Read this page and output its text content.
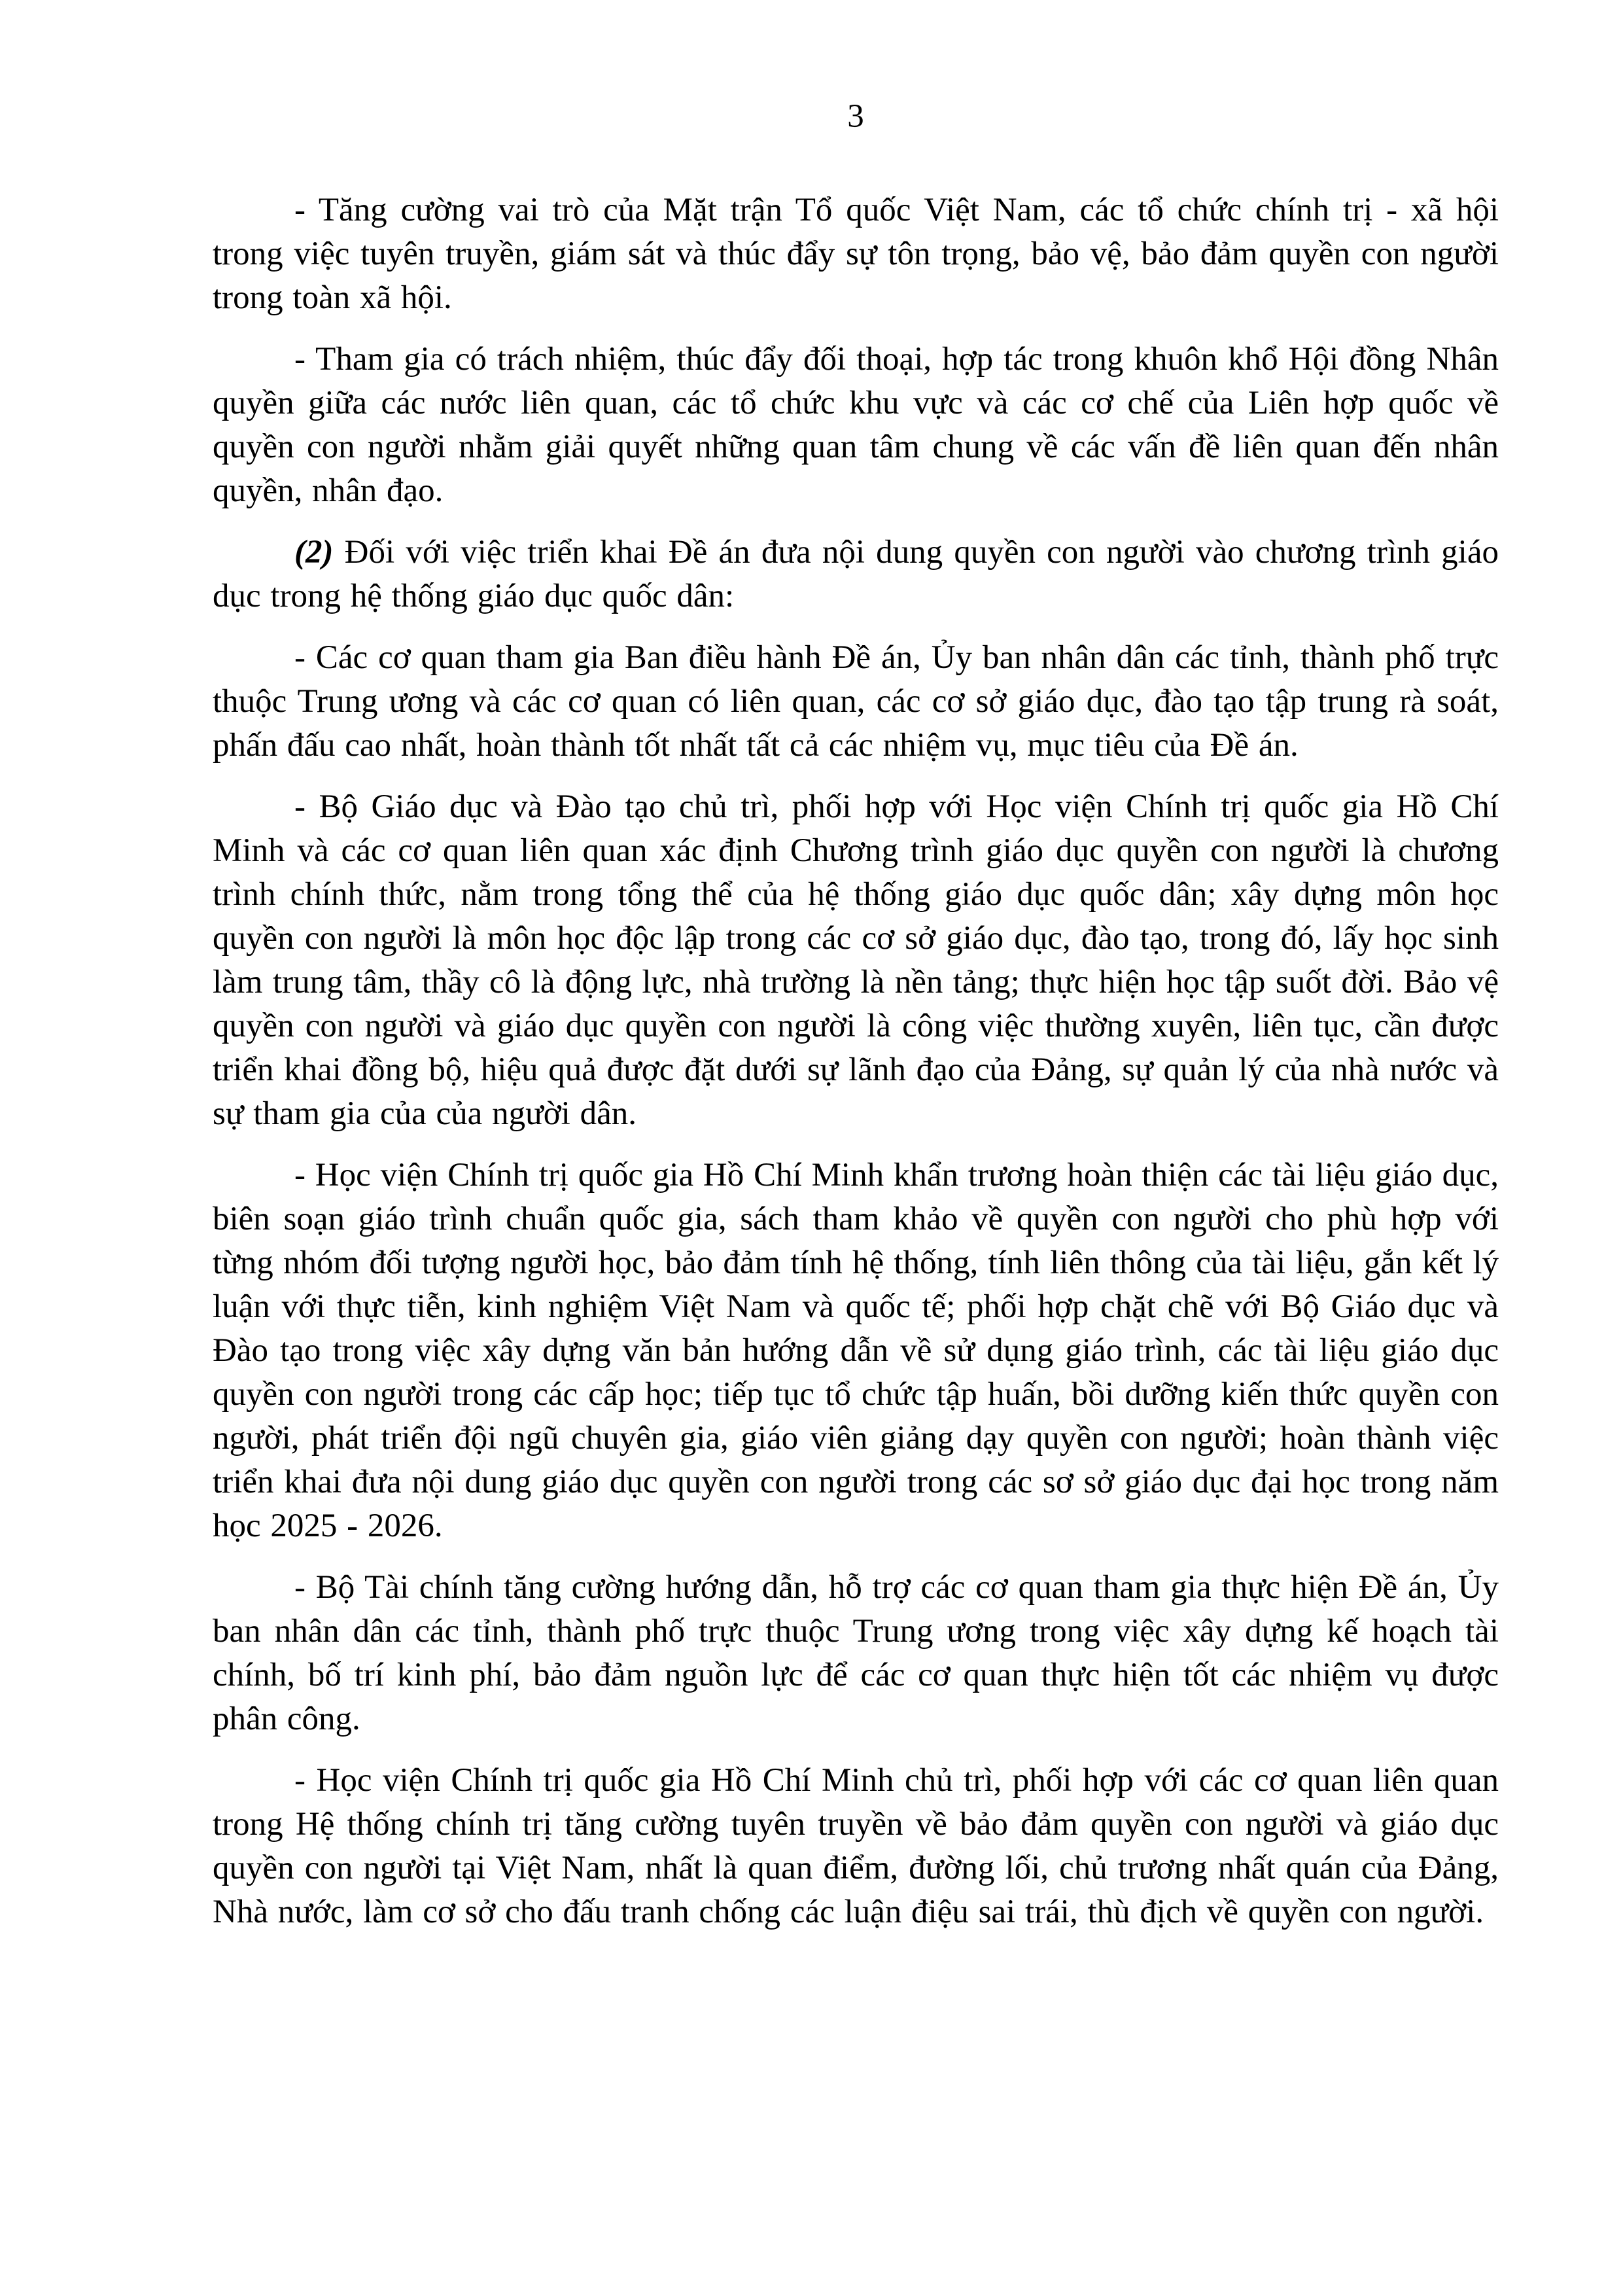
3

- Tăng cường vai trò của Mặt trận Tổ quốc Việt Nam, các tổ chức chính trị - xã hội trong việc tuyên truyền, giám sát và thúc đẩy sự tôn trọng, bảo vệ, bảo đảm quyền con người trong toàn xã hội.

- Tham gia có trách nhiệm, thúc đẩy đối thoại, hợp tác trong khuôn khổ Hội đồng Nhân quyền giữa các nước liên quan, các tổ chức khu vực và các cơ chế của Liên hợp quốc về quyền con người nhằm giải quyết những quan tâm chung về các vấn đề liên quan đến nhân quyền, nhân đạo.

(2) Đối với việc triển khai Đề án đưa nội dung quyền con người vào chương trình giáo dục trong hệ thống giáo dục quốc dân:

- Các cơ quan tham gia Ban điều hành Đề án, Ủy ban nhân dân các tỉnh, thành phố trực thuộc Trung ương và các cơ quan có liên quan, các cơ sở giáo dục, đào tạo tập trung rà soát, phấn đấu cao nhất, hoàn thành tốt nhất tất cả các nhiệm vụ, mục tiêu của Đề án.

- Bộ Giáo dục và Đào tạo chủ trì, phối hợp với Học viện Chính trị quốc gia Hồ Chí Minh và các cơ quan liên quan xác định Chương trình giáo dục quyền con người là chương trình chính thức, nằm trong tổng thể của hệ thống giáo dục quốc dân; xây dựng môn học quyền con người là môn học độc lập trong các cơ sở giáo dục, đào tạo, trong đó, lấy học sinh làm trung tâm, thầy cô là động lực, nhà trường là nền tảng; thực hiện học tập suốt đời. Bảo vệ quyền con người và giáo dục quyền con người là công việc thường xuyên, liên tục, cần được triển khai đồng bộ, hiệu quả được đặt dưới sự lãnh đạo của Đảng, sự quản lý của nhà nước và sự tham gia của của người dân.

- Học viện Chính trị quốc gia Hồ Chí Minh khẩn trương hoàn thiện các tài liệu giáo dục, biên soạn giáo trình chuẩn quốc gia, sách tham khảo về quyền con người cho phù hợp với từng nhóm đối tượng người học, bảo đảm tính hệ thống, tính liên thông của tài liệu, gắn kết lý luận với thực tiễn, kinh nghiệm Việt Nam và quốc tế; phối hợp chặt chẽ với Bộ Giáo dục và Đào tạo trong việc xây dựng văn bản hướng dẫn về sử dụng giáo trình, các tài liệu giáo dục quyền con người trong các cấp học; tiếp tục tổ chức tập huấn, bồi dưỡng kiến thức quyền con người, phát triển đội ngũ chuyên gia, giáo viên giảng dạy quyền con người; hoàn thành việc triển khai đưa nội dung giáo dục quyền con người trong các sơ sở giáo dục đại học trong năm học 2025 - 2026.

- Bộ Tài chính tăng cường hướng dẫn, hỗ trợ các cơ quan tham gia thực hiện Đề án, Ủy ban nhân dân các tỉnh, thành phố trực thuộc Trung ương trong việc xây dựng kế hoạch tài chính, bố trí kinh phí, bảo đảm nguồn lực để các cơ quan thực hiện tốt các nhiệm vụ được phân công.

- Học viện Chính trị quốc gia Hồ Chí Minh chủ trì, phối hợp với các cơ quan liên quan trong Hệ thống chính trị tăng cường tuyên truyền về bảo đảm quyền con người và giáo dục quyền con người tại Việt Nam, nhất là quan điểm, đường lối, chủ trương nhất quán của Đảng, Nhà nước, làm cơ sở cho đấu tranh chống các luận điệu sai trái, thù địch về quyền con người.
